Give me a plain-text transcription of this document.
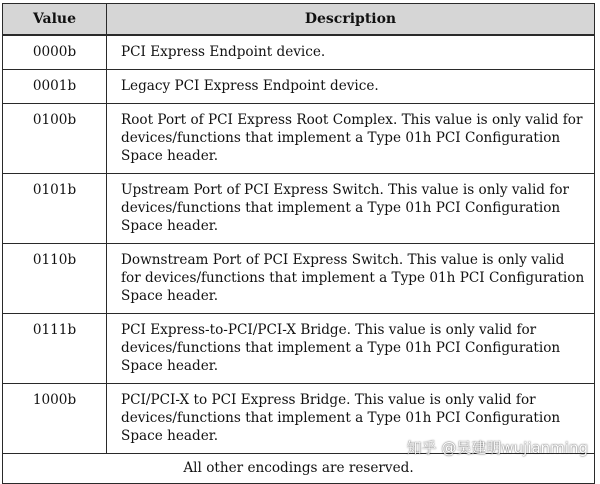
Value	Description
0000b	PCI Express Endpoint device.
0001b	Legacy PCI Express Endpoint device.
0100b	Root Port of PCI Express Root Complex. This value is only valid for devices/functions that implement a Type 01h PCI Configuration Space header.
0101b	Upstream Port of PCI Express Switch. This value is only valid for devices/functions that implement a Type 01h PCI Configuration Space header.
0110b	Downstream Port of PCI Express Switch. This value is only valid for devices/functions that implement a Type 01h PCI Configuration Space header.
0111b	PCI Express-to-PCI/PCI-X Bridge. This value is only valid for devices/functions that implement a Type 01h PCI Configuration Space header.
1000b	PCI/PCI-X to PCI Express Bridge. This value is only valid for devices/functions that implement a Type 01h PCI Configuration Space header.
All other encodings are reserved.	
知乎 @吴建明wujianming
